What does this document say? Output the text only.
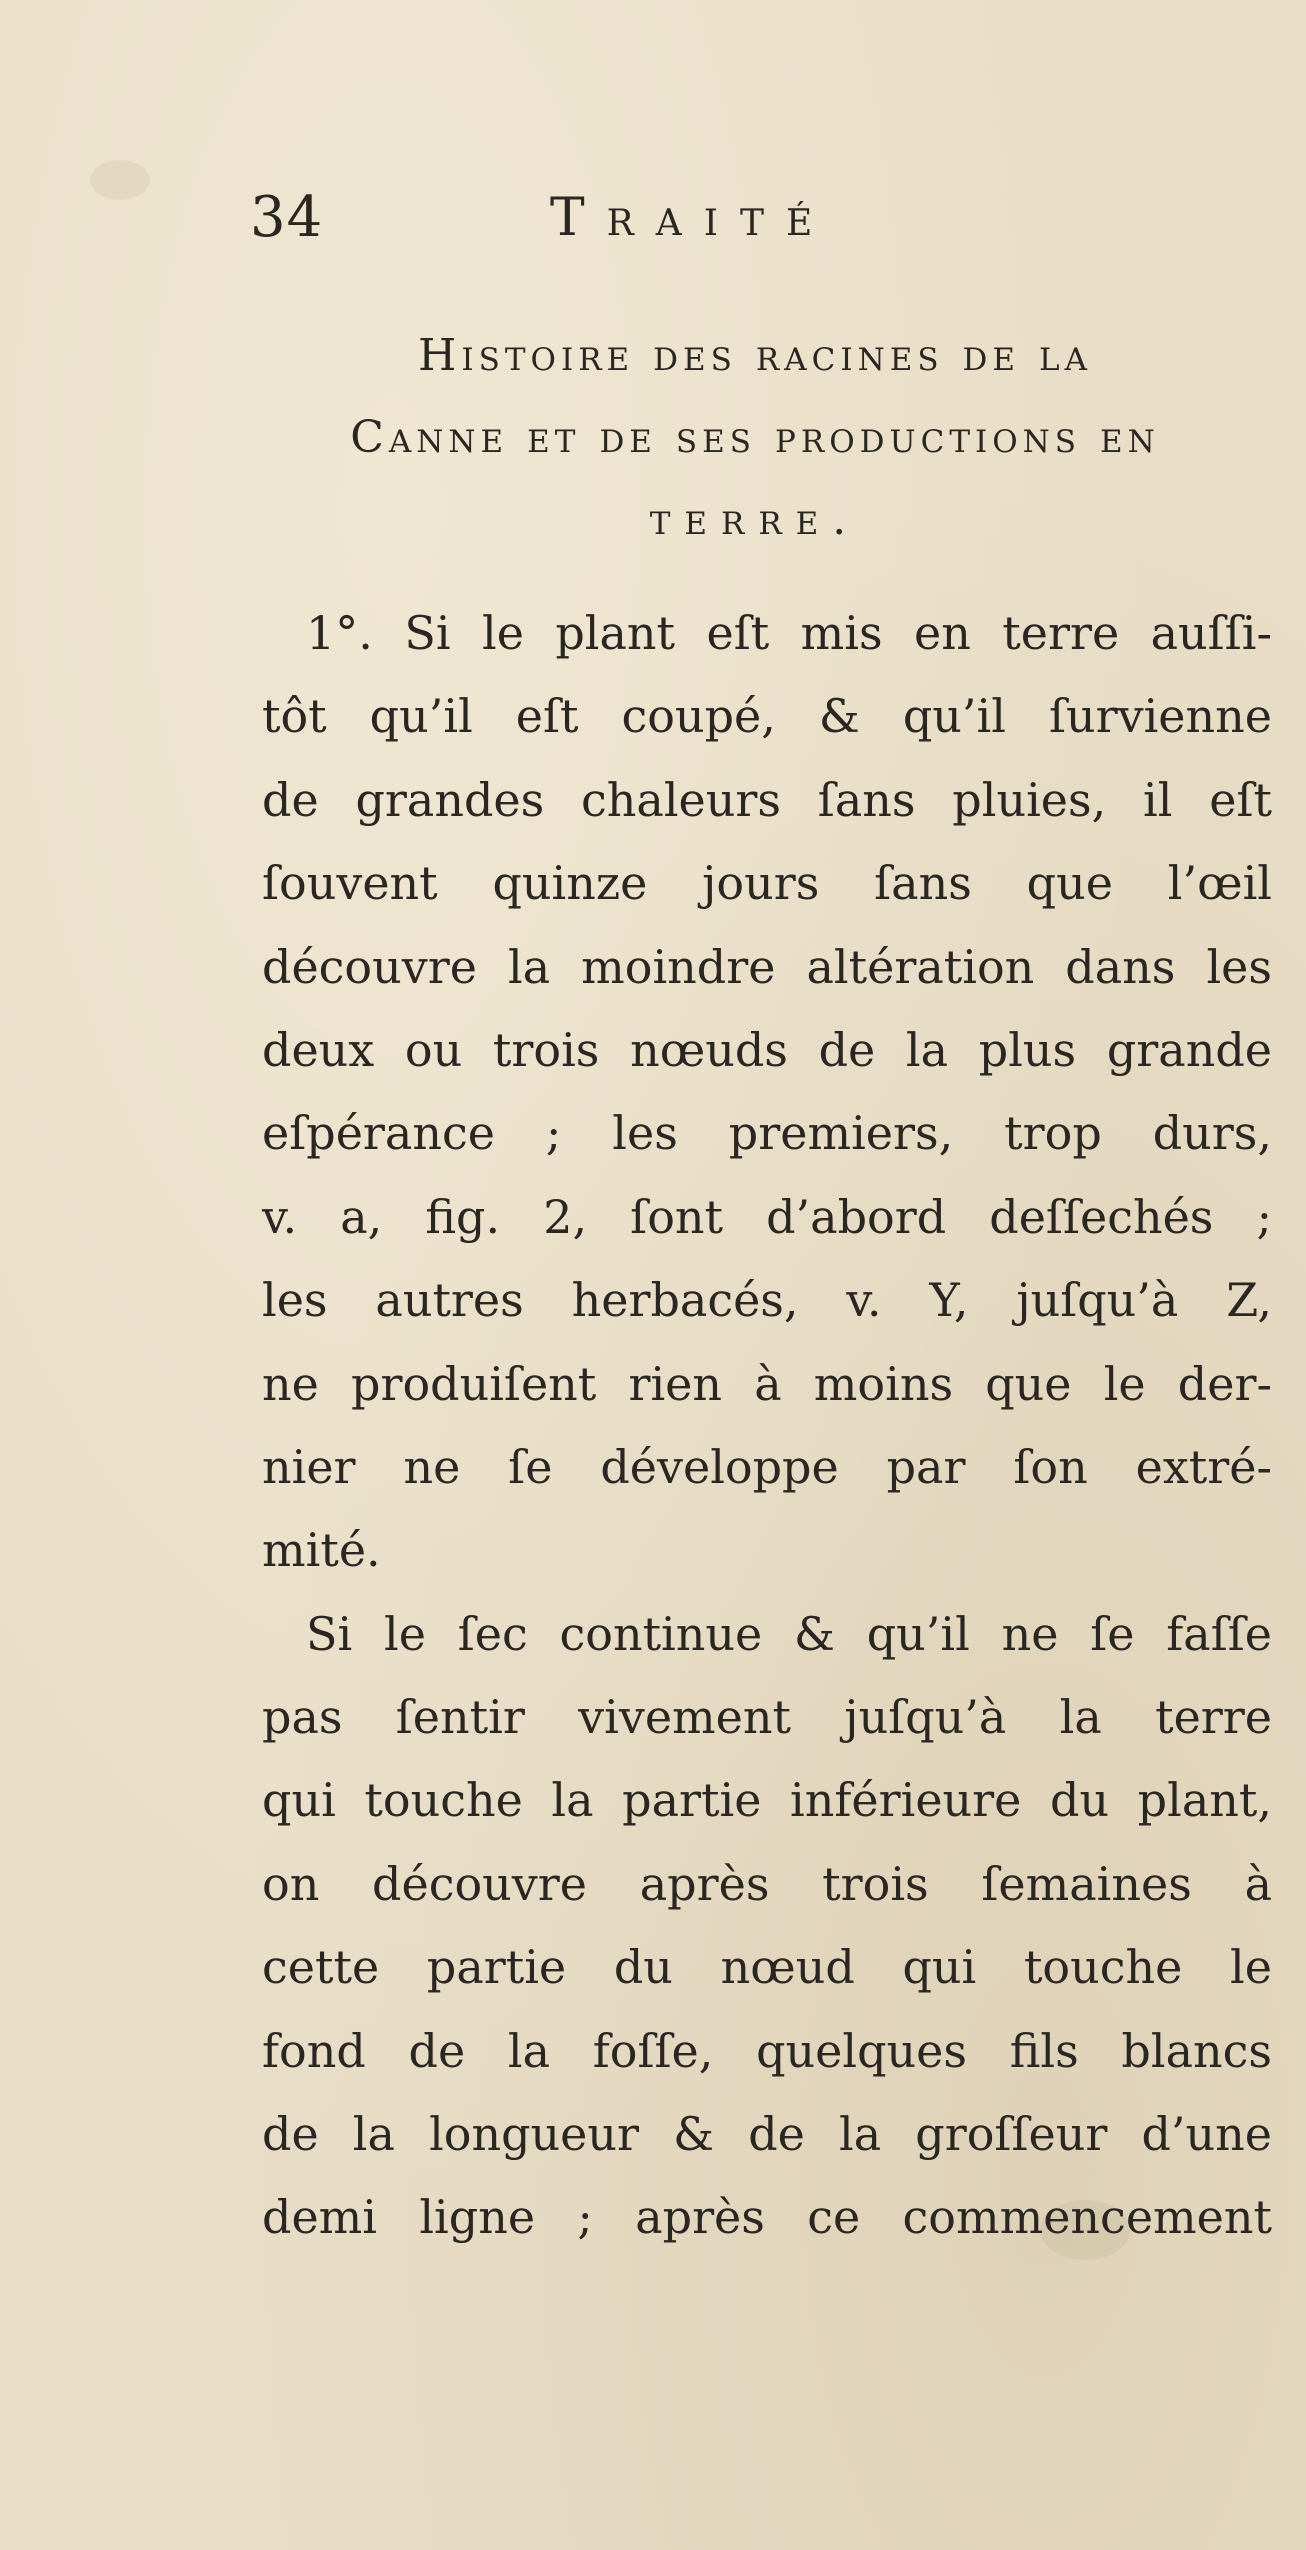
34	Traité
Histoire des racines de la
Canne et de ses productions en
terre.
1°. Si le plant eſt mis en terre auſſi-
tôt qu’il eſt coupé, & qu’il ſurvienne
de grandes chaleurs ſans pluies, il eſt
ſouvent quinze jours ſans que l’œil
découvre la moindre altération dans les
deux ou trois nœuds de la plus grande
eſpérance ; les premiers, trop durs,
v. a, fig. 2, ſont d’abord deſſechés ;
les autres herbacés, v. Y, juſqu’à Z,
ne produiſent rien à moins que le der-
nier ne ſe développe par ſon extré-
mité.
Si le ſec continue & qu’il ne ſe faſſe
pas ſentir vivement juſqu’à la terre
qui touche la partie inférieure du plant,
on découvre après trois ſemaines à
cette partie du nœud qui touche le
fond de la foſſe, quelques fils blancs
de la longueur & de la groſſeur d’une
demi ligne ; après ce commencement
